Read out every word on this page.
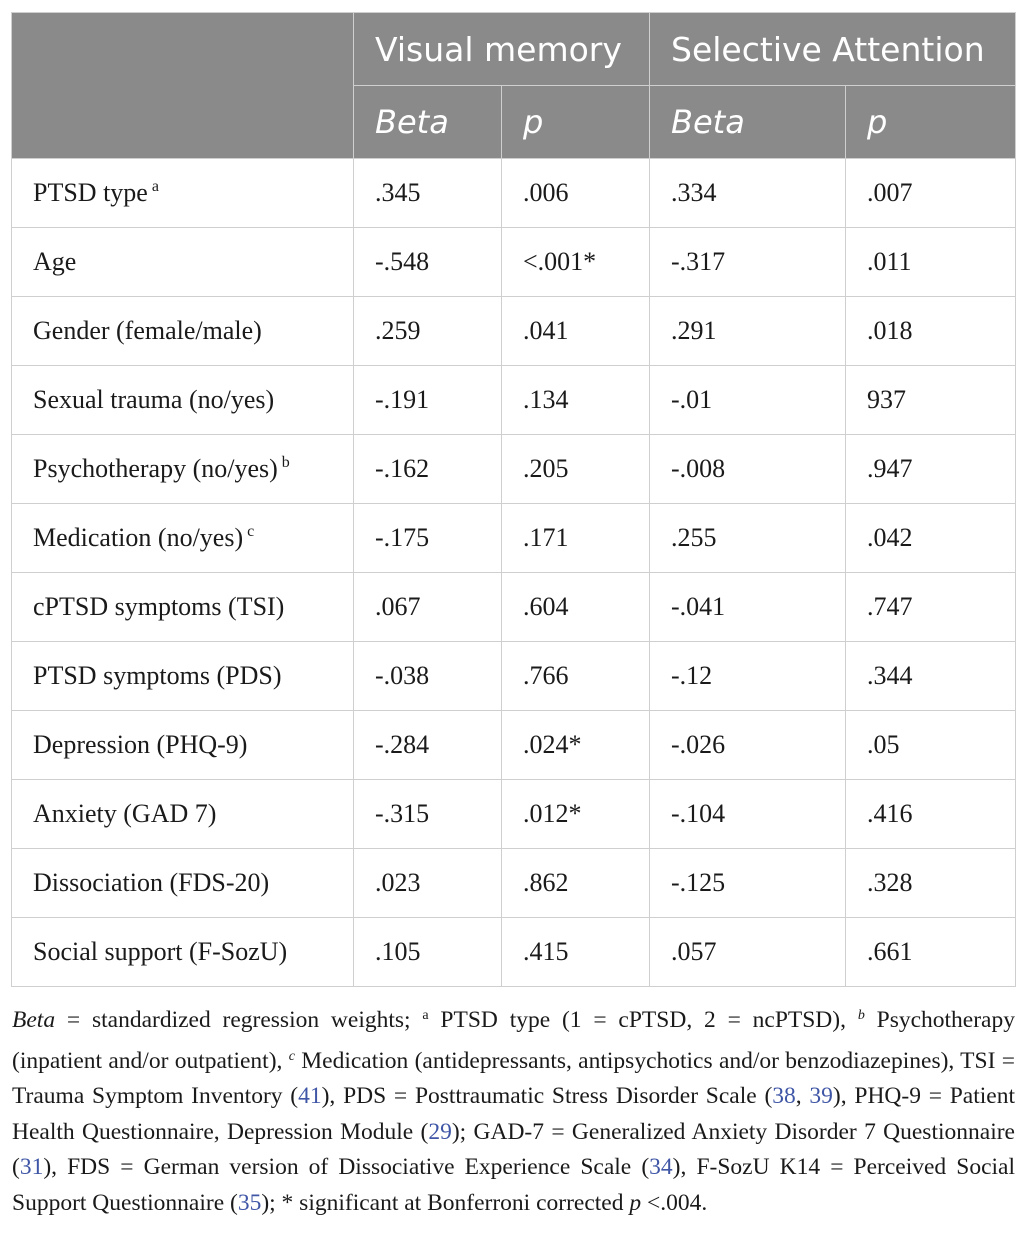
	Visual memory		Selective Attention	
	Beta	p	Beta	p
PTSD type $^a$	.345	.006	.334	.007
Age	-.548	<.001*	-.317	.011
Gender (female/male)	.259	.041	.291	.018
Sexual trauma (no/yes)	-.191	.134	-.01	937
Psychotherapy (no/yes) $^b$	-.162	.205	-.008	.947
Medication (no/yes) $^c$	-.175	.171	.255	.042
cPTSD symptoms (TSI)	.067	.604	-.041	.747
PTSD symptoms (PDS)	-.038	.766	-.12	.344
Depression (PHQ-9)	-.284	.024*	-.026	.05
Anxiety (GAD 7)	-.315	.012*	-.104	.416
Dissociation (FDS-20)	.023	.862	-.125	.328
Social support (F-SozU)	.105	.415	.057	.661
Beta = standardized regression weights; $^a$ PTSD type (1 = cPTSD, 2 = ncPTSD), $^b$ Psychotherapy (inpatient and/or outpatient), $^c$ Medication (antidepressants, antipsychotics and/or benzodiazepines), TSI = Trauma Symptom Inventory (41), PDS = Posttraumatic Stress Disorder Scale (38, 39), PHQ-9 = Patient Health Questionnaire, Depression Module (29); GAD-7 = Generalized Anxiety Disorder 7 Questionnaire (31), FDS = German version of Dissociative Experience Scale (34), F-SozU K14 = Perceived Social Support Questionnaire (35); * significant at Bonferroni corrected p <.004.
